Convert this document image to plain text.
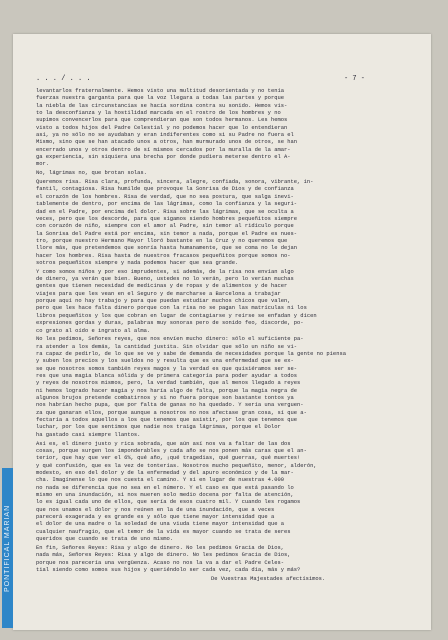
PONTIFICAL MARIAN
. . . / . . .	- 7 -

levantarlos fraternalmente. Hemos visto una multitud desorientada y no tenía
fuerzas nuestra garganta para que la voz llegara a todas las partes y porque
la niebla de las circunstancias se hacía sordina contra su sonido. Hemos vis-
to la desconfianza y la hostilidad marcada en el rostro de los hombres y no
supimos convencerlos para que comprendieran que son todos hermanos. Les hemos
visto a todos hijos del Padre Celestial y no podemos hacer que lo entendieran
así, ya no sólo no se ayudaban y eran indiferentes como si su Padre no fuera el
Mismo, sino que se han atacado unos a otros, han murmurado unos de otros, se han
encerrado unos y otros dentro de sí mismos cercados por la muralla de la amar-
ga experiencia, sin siquiera una brecha por donde pudiera meterse dentro el A-
mor.

No, lágrimas no, que brotan solas.

Queremos risa. Risa clara, profunda, sincera, alegre, confiada, sonora, vibrante, in-
fantil, contagiosa. Risa humilde que provoque la Sonrisa de Dios y de confianza
el corazón de los hombres. Risa de verdad, que no sea postura, que salga inevi-
tablemente de dentro, por encima de las lágrimas, como la confianza y la seguri-
dad en el Padre, por encima del dolor. Risa sobre las lágrimas, que se oculta a
veces, pero que los descorde, para que sigamos siendo hombres pequeñitos siempre
con corazón de niño, siempre con el amor al Padre, sin temor al ridículo porque
la Sonrisa del Padre está por encima, sin temor a nada, porque el Padre es nues-
tro, porque nuestro Hermano Mayor lloró bastante en la Cruz y no queremos que
llore más, que pretendemos que sonría hasta humanamente, que se coma no le dejan
hacer los hombres. Risa hasta de nuestros fracasos pequeñitos porque somos no-
sotros pequeñitos siempre y nada podemos hacer que sea grande.

Y como somos niños y por eso imprudentes, si además, de la risa nos envían algo
de dinero, ya verán que bien. Bueno, ustedes no lo verán, pero lo verían muchas
gentes que tienen necesidad de medicinas y de ropas y de alimentos y de hacer
viajes para que les vean en el Seguro y de marcharse a Barcelona a trabajar
porque aquí no hay trabajo y para que puedan estudiar muchos chicos que valen,
pero que les hace falta dinero porque con la risa no se pagan las matrículas ni los
libros pequeñitos y los que cobran en lugar de contagiarse y reírse se enfadan y dicen
expresiones gordas y duras, palabras muy sonoras pero de sonido feo, discorde, po-
co grato al oído e ingrato al alma.

No les pedimos, Señores reyes, que nos envíen mucho dinero: sólo el suficiente pa-
ra atender a los demás, la cantidad justita. Sin olvidar que sólo un niño se vi-
ra capaz de pedirlo, de lo que se ve y sabe de demanda de necesidades porque la gente no piensa
y suben los precios y los sueldos no y resulta que es una enfermedad que se ex-
se que nosotros somos también reyes magos y la verdad es que quisiéramos ser se-
res que una magia blanca sólida y de primera categoría para poder ayudar a todos
y reyes de nosotros mismos, pero, la verdad también, que al menos llegado a reyes
ni hemos logrado hacer magia y nos haría algo de falta, porque la magia negra de
algunos brujos pretende combatirnos y si no fuera porque son bastante tontos ya
nos habrían hecho pupa, que por falta de ganas no ha quedado. Y sería una verguen-
za que ganaran ellos, porque aunque a nosotros no nos afectase gran cosa, sí que a-
fectaría a todos aquellos a los que tenemos que asistir, por los que tenemos que
luchar, por los que sentimos que nadie nos traiga lágrimas, porque el Dolor
ha gastado casi siempre llantos.

Así es, el dinero justo y rica sobrada, que aún así nos va a faltar de las dos
cosas, porque surgen los imponderables y cada año se nos ponen más caras que el an-
terior, que hay que ver el 6%, qué año, ¡qué tragedias, qué guerras, qué muertes!
y qué confusión, que es la vez de tonterías. Nosotros mucho pequeñito, menor, alderón,
modesto, en eso del dolor y de la enfermedad y del apuro económico y de la mar-
cha. Imagínense lo que nos cuesta el camino. Y si en lugar de nuestras 4.000
no nada se diferencia que no sea en el número. Y el caso es que está pasando lo
mismo en una inundación, si nos mueren solo medio docena por falta de atención,
lo es igual cada uno de ellos, que sería de esos cuatro mil. Y cuando les rogamos
que nos unamos el dolor y nos reúnen en la de una inundación, que a veces
parecerá exagerada y es grande es y sólo que tiene mayor intensidad que a
el dolor de una madre o la soledad de una viuda tiene mayor intensidad que a
cualquier naufragio, que el temor de la vida es mayor cuando se trata de seres
queridos que cuando se trata de uno mismo.

En fin, Señores Reyes: Risa y algo de dinero. No les pedimos Gracia de Dios,
nada más, Señores Reyes: Risa y algo de dinero. No les pedimos Gracia de Dios,
porque nos parecería una vergüenza. Acaso no nos la va a dar el Padre Celes-
tial siendo como somos sus hijos y queriéndolo ser cada vez, cada día, más y más?

De Vuestras Majestades afectísimos.
